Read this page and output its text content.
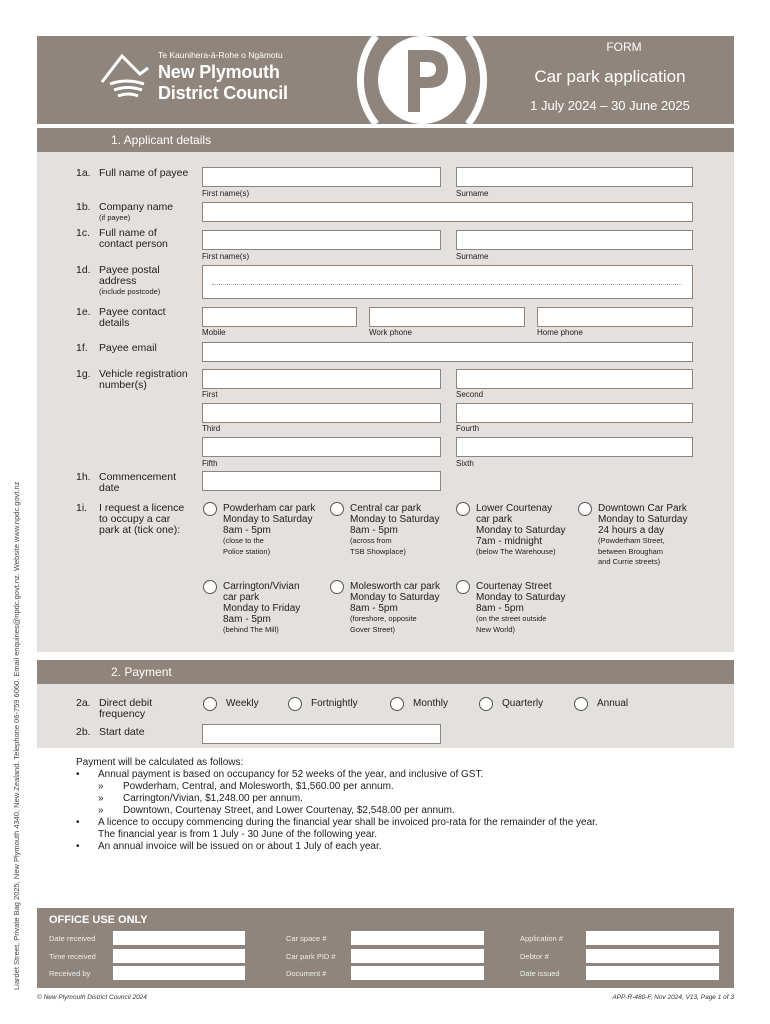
Te Kaunihera-ā-Rohe o Ngāmotu
New Plymouth
District Council
FORM
Car park application
1 July 2024 – 30 June 2025
1. Applicant details
1a. Full name of payee
First name(s)	Surname
1b. Company name
(if payee)
1c. Full name of
contact person
First name(s)	Surname
1d. Payee postal
address
(include postcode)
1e. Payee contact
details
Mobile	Work phone	Home phone
1f. Payee email
1g. Vehicle registration
number(s)
First	Second
Third	Fourth
Fifth	Sixth
1h. Commencement
date
1i. I request a licence
to occupy a car
park at (tick one):
Powderham car park
Monday to Saturday
8am - 5pm
(close to the
Police station)
Central car park
Monday to Saturday
8am - 5pm
(across from
TSB Showplace)
Lower Courtenay
car park
Monday to Saturday
7am - midnight
(below The Warehouse)
Downtown Car Park
Monday to Saturday
24 hours a day
(Powderham Street,
between Brougham
and Currie streets)
Carrington/Vivian
car park
Monday to Friday
8am - 5pm
(behind The Mill)
Molesworth car park
Monday to Saturday
8am - 5pm
(foreshore, opposite
Gover Street)
Courtenay Street
Monday to Saturday
8am - 5pm
(on the street outside
New World)
2. Payment
2a. Direct debit
frequency
Weekly	Fortnightly	Monthly	Quarterly	Annual
2b. Start date
Payment will be calculated as follows:
• Annual payment is based on occupancy for 52 weeks of the year, and inclusive of GST.
» Powderham, Central, and Molesworth, $1,560.00 per annum.
» Carrington/Vivian, $1,248.00 per annum.
» Downtown, Courtenay Street, and Lower Courtenay, $2,548.00 per annum.
• A licence to occupy commencing during the financial year shall be invoiced pro-rata for the remainder of the year.
The financial year is from 1 July - 30 June of the following year.
• An annual invoice will be issued on or about 1 July of each year.
OFFICE USE ONLY
Date received
Time received
Received by
Car space #
Car park PID #
Document #
Application #
Debtor #
Date issued
© New Plymouth District Council 2024	APP-R-480-F, Nov 2024, V13, Page 1 of 3
Liardet Street, Private Bag 2025, New Plymouth 4340, New Zealand. Telephone 06-759 6060. Email enquiries@npdc.govt.nz. Website www.npdc.govt.nz
